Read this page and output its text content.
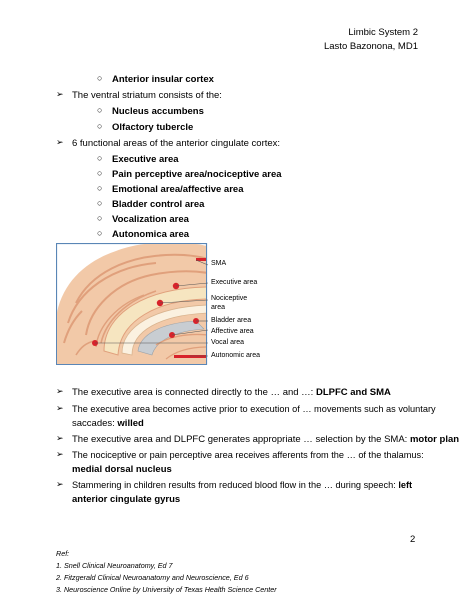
Limbic System 2
Lasto Bazonona, MD1
○ Anterior insular cortex
➢ The ventral striatum consists of the:
○ Nucleus accumbens
○ Olfactory tubercle
➢ 6 functional areas of the anterior cingulate cortex:
○ Executive area
○ Pain perceptive area/nociceptive area
○ Emotional area/affective area
○ Bladder control area
○ Vocalization area
○ Autonomica area
SMA
Executive area
Nociceptive
area
Bladder area
Affective area
Vocal area
Autonomic area
➢ The executive area is connected directly to the … and …: DLPFC and SMA
➢ The executive area becomes active prior to execution of … movements such as voluntary
saccades: willed
➢ The executive area and DLPFC generates appropriate … selection by the SMA: motor plan
➢ The nociceptive or pain perceptive area receives afferents from the … of the thalamus:
medial dorsal nucleus
➢ Stammering in children results from reduced blood flow in the … during speech: left
anterior cingulate gyrus
2
Ref:
1. Snell Clinical Neuroanatomy, Ed 7
2. Fitzgerald Clinical Neuroanatomy and Neuroscience, Ed 6
3. Neuroscience Online by University of Texas Health Science Center
